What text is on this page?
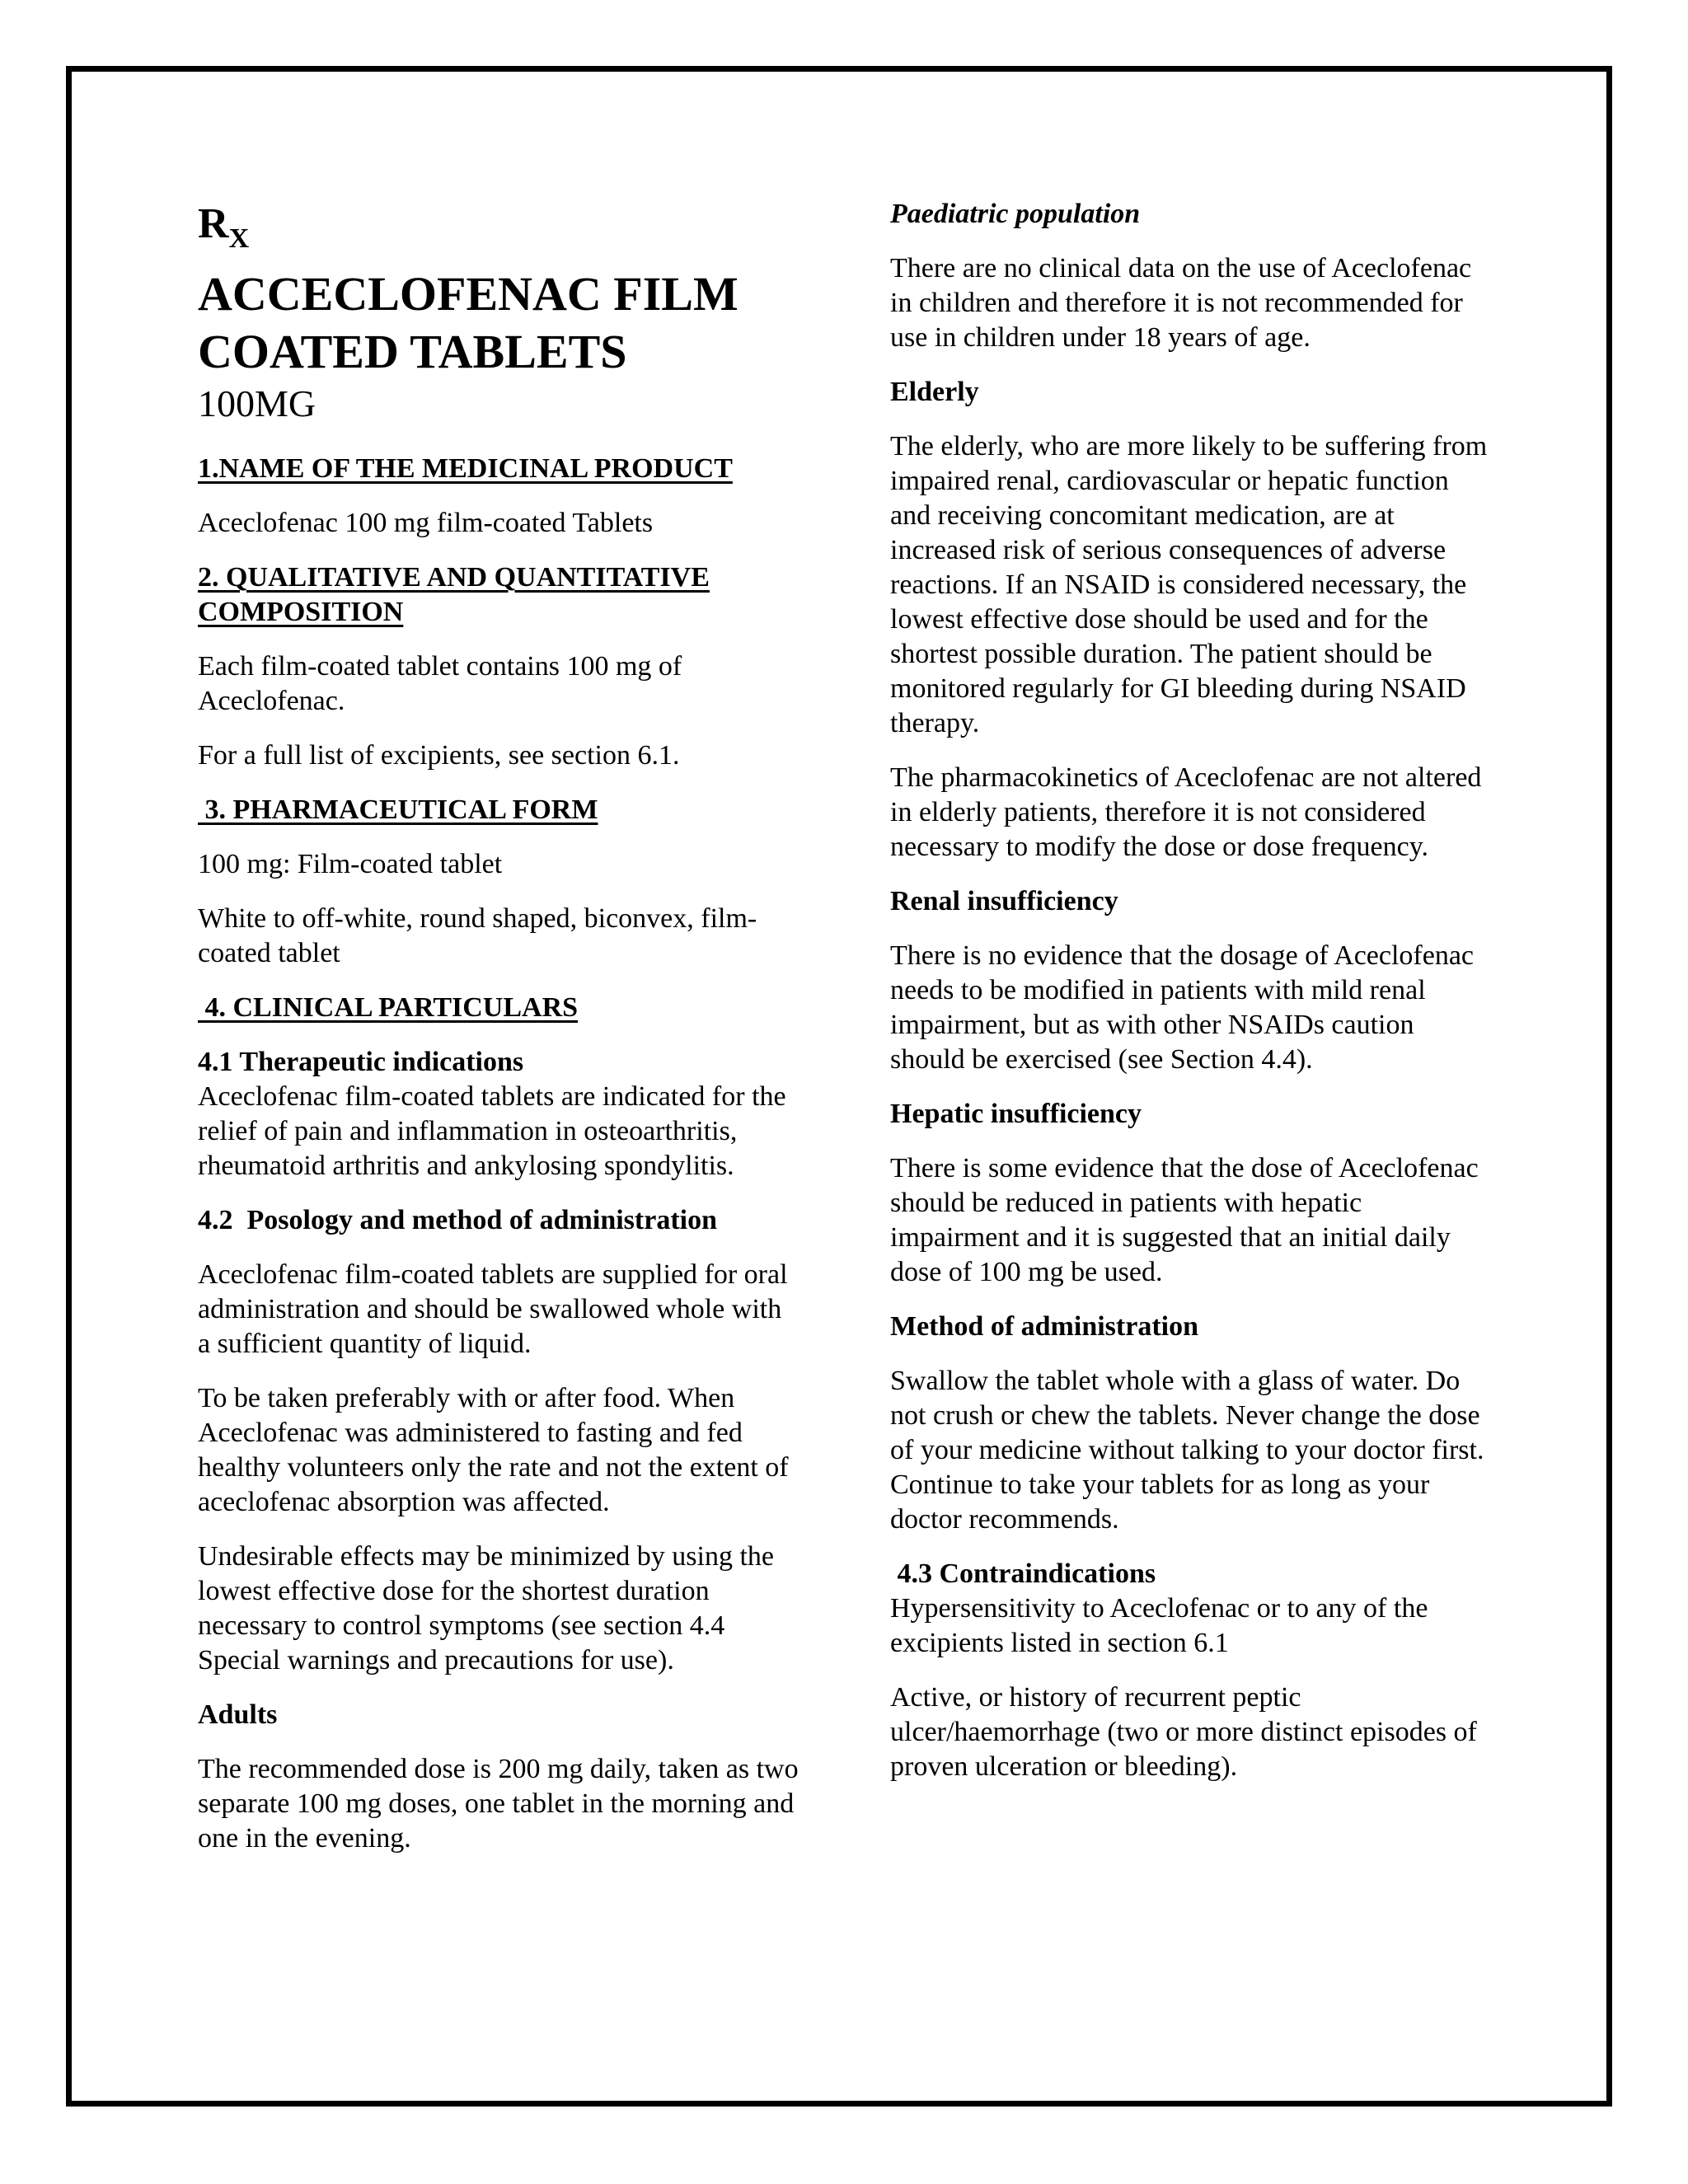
$R_X$
ACCECLOFENAC FILM
COATED TABLETS
100MG
1.NAME OF THE MEDICINAL PRODUCT

Aceclofenac 100 mg film-coated Tablets

2. QUALITATIVE AND QUANTITATIVE
COMPOSITION

Each film-coated tablet contains 100 mg of Aceclofenac.

For a full list of excipients, see section 6.1.

3. PHARMACEUTICAL FORM

100 mg: Film-coated tablet

White to off-white, round shaped, biconvex, film-coated tablet

4. CLINICAL PARTICULARS
4.1 Therapeutic indications

Aceclofenac film-coated tablets are indicated for the relief of pain and inflammation in osteoarthritis, rheumatoid arthritis and ankylosing spondylitis.

4.2  Posology and method of administration

Aceclofenac film-coated tablets are supplied for oral administration and should be swallowed whole with a sufficient quantity of liquid.

To be taken preferably with or after food. When Aceclofenac was administered to fasting and fed healthy volunteers only the rate and not the extent of aceclofenac absorption was affected.

Undesirable effects may be minimized by using the lowest effective dose for the shortest duration necessary to control symptoms (see section 4.4 Special warnings and precautions for use).

Adults

The recommended dose is 200 mg daily, taken as two separate 100 mg doses, one tablet in the morning and one in the evening.

Paediatric population

There are no clinical data on the use of Aceclofenac in children and therefore it is not recommended for use in children under 18 years of age.

Elderly

The elderly, who are more likely to be suffering from impaired renal, cardiovascular or hepatic function and receiving concomitant medication, are at increased risk of serious consequences of adverse reactions. If an NSAID is considered necessary, the lowest effective dose should be used and for the shortest possible duration. The patient should be monitored regularly for GI bleeding during NSAID therapy.

The pharmacokinetics of Aceclofenac are not altered in elderly patients, therefore it is not considered necessary to modify the dose or dose frequency.

Renal insufficiency

There is no evidence that the dosage of Aceclofenac needs to be modified in patients with mild renal impairment, but as with other NSAIDs caution should be exercised (see Section 4.4).

Hepatic insufficiency

There is some evidence that the dose of Aceclofenac should be reduced in patients with hepatic impairment and it is suggested that an initial daily dose of 100 mg be used.

Method of administration

Swallow the tablet whole with a glass of water. Do not crush or chew the tablets. Never change the dose of your medicine without talking to your doctor first. Continue to take your tablets for as long as your doctor recommends.

4.3 Contraindications

Hypersensitivity to Aceclofenac or to any of the excipients listed in section 6.1

Active, or history of recurrent peptic ulcer/haemorrhage (two or more distinct episodes of proven ulceration or bleeding).
